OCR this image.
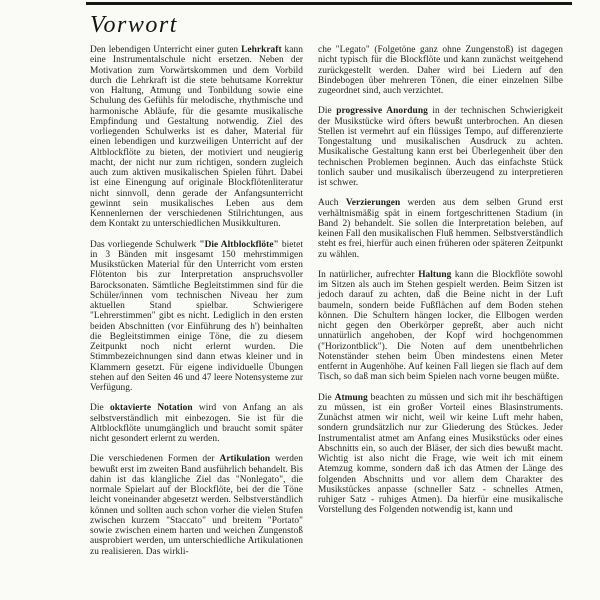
Vorwort

Den lebendigen Unterricht einer guten Lehrkraft kann eine Instrumentalschule nicht ersetzen. Neben der Motivation zum Vorwärtskommen und dem Vorbild durch die Lehrkraft ist die stete behutsame Korrektur von Haltung, Atmung und Tonbildung sowie eine Schulung des Gefühls für melodische, rhythmische und harmonische Abläufe, für die gesamte musikalische Empfindung und Gestaltung notwendig. Ziel des vorliegenden Schulwerks ist es daher, Material für einen lebendigen und kurzweiligen Unterricht auf der Altblockflöte zu bieten, der motiviert und neugierig macht, der nicht nur zum richtigen, sondern zugleich auch zum aktiven musikalischen Spielen führt. Dabei ist eine Einengung auf originale Blockflötenliteratur nicht sinnvoll, denn gerade der Anfangsunterricht gewinnt sein musikalisches Leben aus dem Kennenlernen der verschiedenen Stilrichtungen, aus dem Kontakt zu unterschiedlichen Musikkulturen.

Das vorliegende Schulwerk "Die Altblockflöte" bietet in 3 Bänden mit insgesamt 150 mehrstimmigen Musikstücken Material für den Unterricht vom ersten Flötenton bis zur Interpretation anspruchsvoller Barocksonaten. Sämtliche Begleitstimmen sind für die Schüler/innen vom technischen Niveau her zum aktuellen Stand spielbar. Schwierigere "Lehrerstimmen" gibt es nicht. Lediglich in den ersten beiden Abschnitten (vor Einführung des h') beinhalten die Begleitstimmen einige Töne, die zu diesem Zeitpunkt noch nicht erlernt wurden. Die Stimmbezeichnungen sind dann etwas kleiner und in Klammern gesetzt. Für eigene individuelle Übungen stehen auf den Seiten 46 und 47 leere Notensysteme zur Verfügung.

Die oktavierte Notation wird von Anfang an als selbstverständlich mit einbezogen. Sie ist für die Altblockflöte unumgänglich und braucht somit später nicht gesondert erlernt zu werden.

Die verschiedenen Formen der Artikulation werden bewußt erst im zweiten Band ausführlich behandelt. Bis dahin ist das klangliche Ziel das "Nonlegato", die normale Spielart auf der Blockflöte, bei der die Töne leicht voneinander abgesetzt werden. Selbstverständlich können und sollten auch schon vorher die vielen Stufen zwischen kurzem "Staccato" und breitem "Portato" sowie zwischen einem harten und weichen Zungenstoß ausprobiert werden, um unterschiedliche Artikulationen zu realisieren. Das wirkli-

che "Legato" (Folgetöne ganz ohne Zungenstoß) ist dagegen nicht typisch für die Blockflöte und kann zunächst weitgehend zurückgestellt werden. Daher wird bei Liedern auf den Bindebogen über mehreren Tönen, die einer einzelnen Silbe zugeordnet sind, auch verzichtet.

Die progressive Anordung in der technischen Schwierigkeit der Musikstücke wird öfters bewußt unterbrochen. An diesen Stellen ist vermehrt auf ein flüssiges Tempo, auf differenzierte Tongestaltung und musikalischen Ausdruck zu achten. Musikalische Gestaltung kann erst bei Überlegenheit über den technischen Problemen beginnen. Auch das einfachste Stück tonlich sauber und musikalisch überzeugend zu interpretieren ist schwer.

Auch Verzierungen werden aus dem selben Grund erst verhältnismäßig spät in einem fortgeschrittenen Stadium (in Band 2) behandelt. Sie sollen die Interpretation beleben, auf keinen Fall den musikalischen Fluß hemmen. Selbstverständlich steht es frei, hierfür auch einen früheren oder späteren Zeitpunkt zu wählen.

In natürlicher, aufrechter Haltung kann die Blockflöte sowohl im Sitzen als auch im Stehen gespielt werden. Beim Sitzen ist jedoch darauf zu achten, daß die Beine nicht in der Luft baumeln, sondern beide Fußflächen auf dem Boden stehen können. Die Schultern hängen locker, die Ellbogen werden nicht gegen den Oberkörper gepreßt, aber auch nicht unnatürlich angehoben, der Kopf wird hochgenommen ("Horizontblick"). Die Noten auf dem unentbehrlichen Notenständer stehen beim Üben mindestens einen Meter entfernt in Augenhöhe. Auf keinen Fall liegen sie flach auf dem Tisch, so daß man sich beim Spielen nach vorne beugen müßte.

Die Atmung beachten zu müssen und sich mit ihr beschäftigen zu müssen, ist ein großer Vorteil eines Blasinstruments. Zunächst atmen wir nicht, weil wir keine Luft mehr haben, sondern grundsätzlich nur zur Gliederung des Stückes. Jeder Instrumentalist atmet am Anfang eines Musikstücks oder eines Abschnitts ein, so auch der Bläser, der sich dies bewußt macht. Wichtig ist also nicht die Frage, wie weit ich mit einem Atemzug komme, sondern daß ich das Atmen der Länge des folgenden Abschnitts und vor allem dem Charakter des Musikstückes anpasse (schneller Satz - schnelles Atmen, ruhiger Satz - ruhiges Atmen). Da hierfür eine musikalische Vorstellung des Folgenden notwendig ist, kann und
